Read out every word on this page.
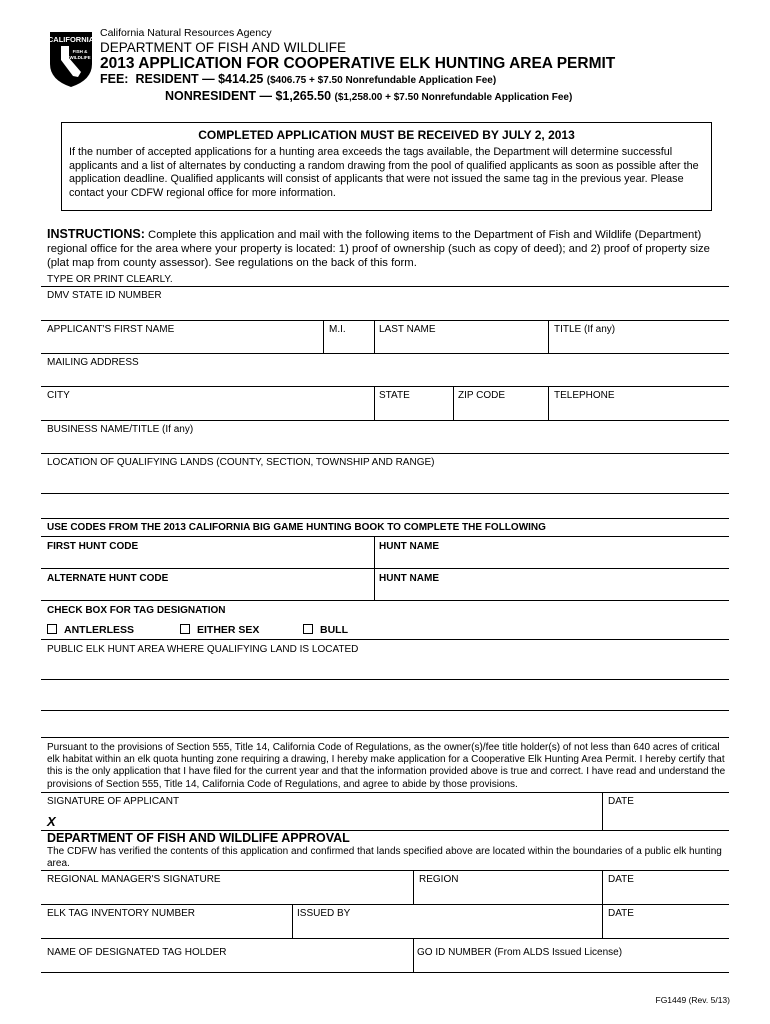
CALIFORNIA
FISH &
WILDLIFE
California Natural Resources Agency
DEPARTMENT OF FISH AND WILDLIFE
2013 APPLICATION FOR COOPERATIVE ELK HUNTING AREA PERMIT
FEE: RESIDENT — $414.25 ($406.75 + $7.50 Nonrefundable Application Fee)
NONRESIDENT — $1,265.50 ($1,258.00 + $7.50 Nonrefundable Application Fee)
COMPLETED APPLICATION MUST BE RECEIVED BY JULY 2, 2013
If the number of accepted applications for a hunting area exceeds the tags available, the Department will determine successful applicants and a list of alternates by conducting a random drawing from the pool of qualified applicants as soon as possible after the application deadline. Qualified applicants will consist of applicants that were not issued the same tag in the previous year. Please contact your CDFW regional office for more information.
INSTRUCTIONS: Complete this application and mail with the following items to the Department of Fish and Wildlife (Department) regional office for the area where your property is located: 1) proof of ownership (such as copy of deed); and 2) proof of property size (plat map from county assessor). See regulations on the back of this form.
TYPE OR PRINT CLEARLY.
DMV STATE ID NUMBER
APPLICANT'S FIRST NAME	M.I.	LAST NAME	TITLE (If any)
MAILING ADDRESS
CITY	STATE	ZIP CODE	TELEPHONE
BUSINESS NAME/TITLE (If any)
LOCATION OF QUALIFYING LANDS (COUNTY, SECTION, TOWNSHIP AND RANGE)
USE CODES FROM THE 2013 CALIFORNIA BIG GAME HUNTING BOOK TO COMPLETE THE FOLLOWING
FIRST HUNT CODE	HUNT NAME
ALTERNATE HUNT CODE	HUNT NAME
CHECK BOX FOR TAG DESIGNATION
ANTLERLESS	EITHER SEX	BULL
PUBLIC ELK HUNT AREA WHERE QUALIFYING LAND IS LOCATED
Pursuant to the provisions of Section 555, Title 14, California Code of Regulations, as the owner(s)/fee title holder(s) of not less than 640 acres of critical elk habitat within an elk quota hunting zone requiring a drawing, I hereby make application for a Cooperative Elk Hunting Area Permit. I hereby certify that this is the only application that I have filed for the current year and that the information provided above is true and correct. I have read and understand the provisions of Section 555, Title 14, California Code of Regulations, and agree to abide by those provisions.
SIGNATURE OF APPLICANT	DATE
X
DEPARTMENT OF FISH AND WILDLIFE APPROVAL
The CDFW has verified the contents of this application and confirmed that lands specified above are located within the boundaries of a public elk hunting area.
REGIONAL MANAGER'S SIGNATURE	REGION	DATE
ELK TAG INVENTORY NUMBER	ISSUED BY	DATE
NAME OF DESIGNATED TAG HOLDER	GO ID NUMBER (From ALDS Issued License)
FG1449 (Rev. 5/13)
